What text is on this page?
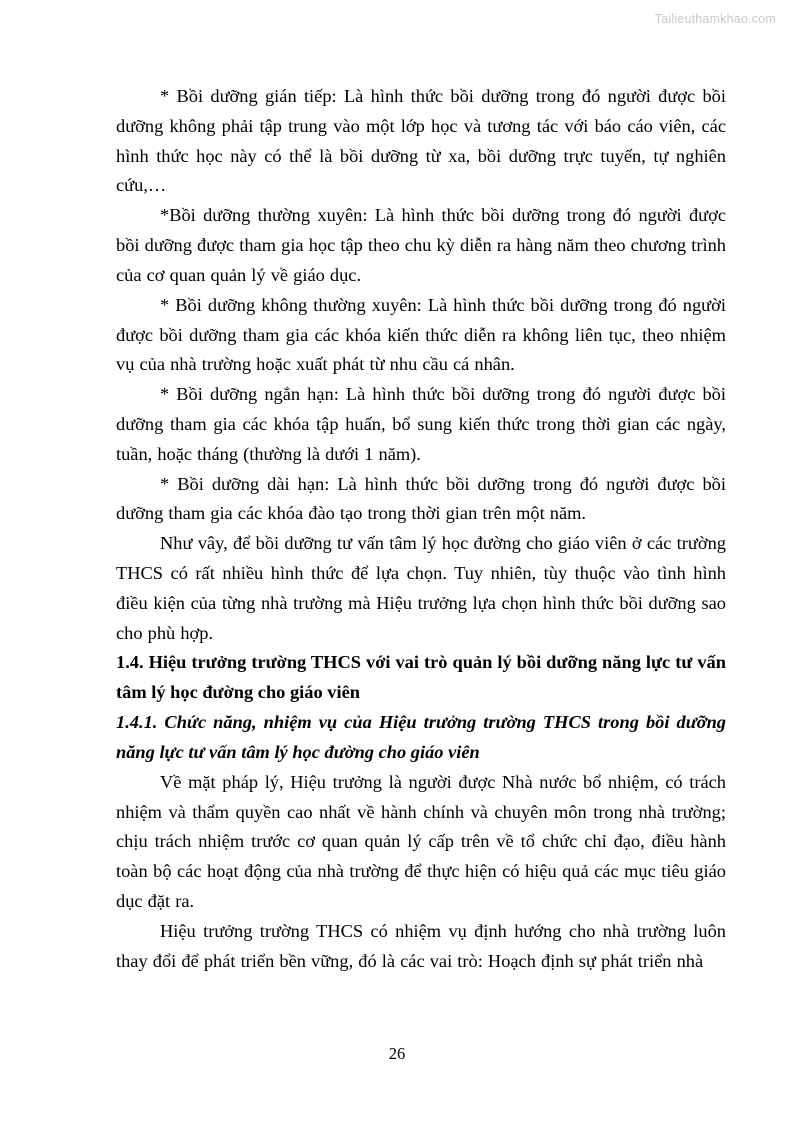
Tailieuthamkhao.com

* Bồi dưỡng gián tiếp: Là hình thức bồi dưỡng trong đó người được bồi dưỡng không phải tập trung vào một lớp học và tương tác với báo cáo viên, các hình thức học này có thể là bồi dưỡng từ xa, bồi dưỡng trực tuyến, tự nghiên cứu,…

*Bồi dưỡng thường xuyên: Là hình thức bồi dưỡng trong đó người được bồi dưỡng được tham gia học tập theo chu kỳ diễn ra hàng năm theo chương trình của cơ quan quản lý về giáo dục.

* Bồi dưỡng không thường xuyên: Là hình thức bồi dưỡng trong đó người được bồi dưỡng tham gia các khóa kiến thức diễn ra không liên tục, theo nhiệm vụ của nhà trường hoặc xuất phát từ nhu cầu cá nhân.

* Bồi dưỡng ngắn hạn: Là hình thức bồi dưỡng trong đó người được bồi dưỡng tham gia các khóa tập huấn, bổ sung kiến thức trong thời gian các ngày, tuần, hoặc tháng (thường là dưới 1 năm).

* Bồi dưỡng dài hạn: Là hình thức bồi dưỡng trong đó người được bồi dưỡng tham gia các khóa đào tạo trong thời gian trên một năm.

Như vây, để bồi dưỡng tư vấn tâm lý học đường cho giáo viên ở các trường THCS có rất nhiều hình thức để lựa chọn. Tuy nhiên, tùy thuộc vào tình hình điều kiện của từng nhà trường mà Hiệu trưởng lựa chọn hình thức bồi dưỡng sao cho phù hợp.

1.4. Hiệu trưởng trường THCS với vai trò quản lý bồi dưỡng năng lực tư vấn tâm lý học đường cho giáo viên
1.4.1. Chức năng, nhiệm vụ của Hiệu trưởng trường THCS trong bồi dưỡng năng lực tư vấn tâm lý học đường cho giáo viên

Về mặt pháp lý, Hiệu trưởng là người được Nhà nước bổ nhiệm, có trách nhiệm và thẩm quyền cao nhất về hành chính và chuyên môn trong nhà trường; chịu trách nhiệm trước cơ quan quản lý cấp trên về tổ chức chỉ đạo, điều hành toàn bộ các hoạt động của nhà trường để thực hiện có hiệu quả các mục tiêu giáo dục đặt ra.

Hiệu trưởng trường THCS có nhiệm vụ định hướng cho nhà trường luôn thay đổi để phát triển bền vững, đó là các vai trò: Hoạch định sự phát triển nhà

26
